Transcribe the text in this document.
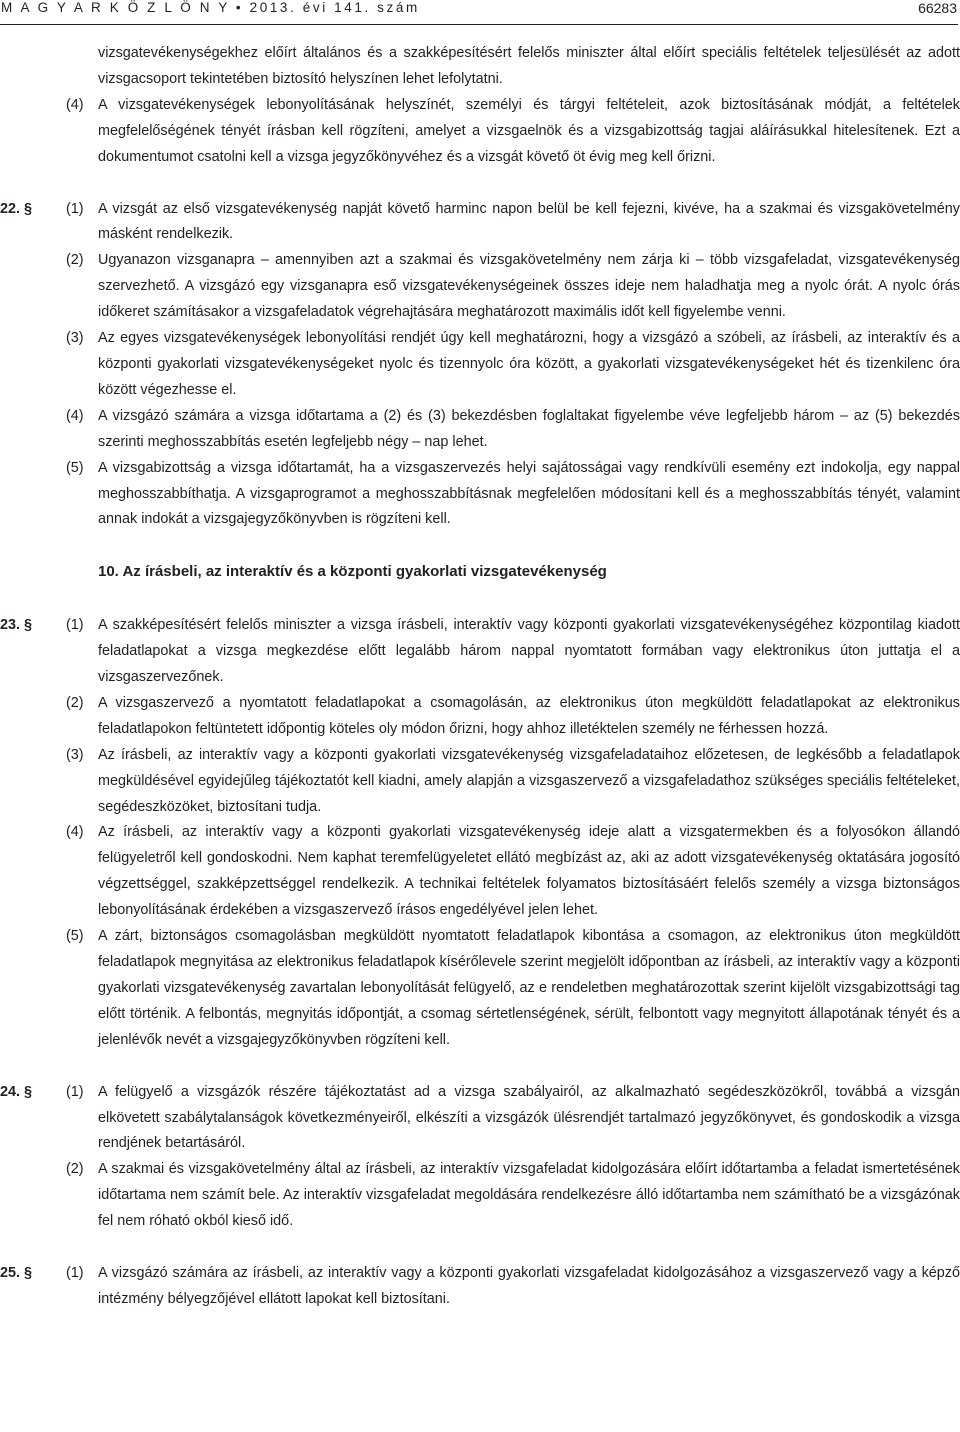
M A G Y A R K Ö Z L Ö N Y • 2013. évi 141. szám	66283

vizsgatevékenységekhez előírt általános és a szakképesítésért felelős miniszter által előírt speciális feltételek teljesülését az adott vizsgacsoport tekintetében biztosító helyszínen lehet lefolytatni.

(4) A vizsgatevékenységek lebonyolításának helyszínét, személyi és tárgyi feltételeit, azok biztosításának módját, a feltételek megfelelőségének tényét írásban kell rögzíteni, amelyet a vizsgaelnök és a vizsgabizottság tagjai aláírásukkal hitelesítenek. Ezt a dokumentumot csatolni kell a vizsga jegyzőkönyvéhez és a vizsgát követő öt évig meg kell őrizni.
22. § (1) A vizsgát az első vizsgatevékenység napját követő harminc napon belül be kell fejezni, kivéve, ha a szakmai és vizsgakövetelmény másként rendelkezik.
(2) Ugyanazon vizsganapra – amennyiben azt a szakmai és vizsgakövetelmény nem zárja ki – több vizsgafeladat, vizsgatevékenység szervezhető. A vizsgázó egy vizsganapra eső vizsgatevékenységeinek összes ideje nem haladhatja meg a nyolc órát. A nyolc órás időkeret számításakor a vizsgafeladatok végrehajtására meghatározott maximális időt kell figyelembe venni.
(3) Az egyes vizsgatevékenységek lebonyolítási rendjét úgy kell meghatározni, hogy a vizsgázó a szóbeli, az írásbeli, az interaktív és a központi gyakorlati vizsgatevékenységeket nyolc és tizennyolc óra között, a gyakorlati vizsgatevékenységeket hét és tizenkilenc óra között végezhesse el.
(4) A vizsgázó számára a vizsga időtartama a (2) és (3) bekezdésben foglaltakat figyelembe véve legfeljebb három – az (5) bekezdés szerinti meghosszabbítás esetén legfeljebb négy – nap lehet.
(5) A vizsgabizottság a vizsga időtartamát, ha a vizsgaszervezés helyi sajátosságai vagy rendkívüli esemény ezt indokolja, egy nappal meghosszabbíthatja. A vizsgaprogramot a meghosszabbításnak megfelelően módosítani kell és a meghosszabbítás tényét, valamint annak indokát a vizsgajegyzőkönyvben is rögzíteni kell.

10. Az írásbeli, az interaktív és a központi gyakorlati vizsgatevékenység

23. § (1) A szakképesítésért felelős miniszter a vizsga írásbeli, interaktív vagy központi gyakorlati vizsgatevékenységéhez központilag kiadott feladatlapokat a vizsga megkezdése előtt legalább három nappal nyomtatott formában vagy elektronikus úton juttatja el a vizsgaszervezőnek.
(2) A vizsgaszervező a nyomtatott feladatlapokat a csomagolásán, az elektronikus úton megküldött feladatlapokat az elektronikus feladatlapokon feltüntetett időpontig köteles oly módon őrizni, hogy ahhoz illetéktelen személy ne férhessen hozzá.
(3) Az írásbeli, az interaktív vagy a központi gyakorlati vizsgatevékenység vizsgafeladataihoz előzetesen, de legkésőbb a feladatlapok megküldésével egyidejűleg tájékoztatót kell kiadni, amely alapján a vizsgaszervező a vizsgafeladathoz szükséges speciális feltételeket, segédeszközöket, biztosítani tudja.
(4) Az írásbeli, az interaktív vagy a központi gyakorlati vizsgatevékenység ideje alatt a vizsgatermekben és a folyosókon állandó felügyeletről kell gondoskodni. Nem kaphat teremfelügyeletet ellátó megbízást az, aki az adott vizsgatevékenység oktatására jogosító végzettséggel, szakképzettséggel rendelkezik. A technikai feltételek folyamatos biztosításáért felelős személy a vizsga biztonságos lebonyolításának érdekében a vizsgaszervező írásos engedélyével jelen lehet.
(5) A zárt, biztonságos csomagolásban megküldött nyomtatott feladatlapok kibontása a csomagon, az elektronikus úton megküldött feladatlapok megnyitása az elektronikus feladatlapok kísérőlevele szerint megjelölt időpontban az írásbeli, az interaktív vagy a központi gyakorlati vizsgatevékenység zavartalan lebonyolítását felügyelő, az e rendeletben meghatározottak szerint kijelölt vizsgabizottsági tag előtt történik. A felbontás, megnyitás időpontját, a csomag sértetlenségének, sérült, felbontott vagy megnyitott állapotának tényét és a jelenlévők nevét a vizsgajegyzőkönyvben rögzíteni kell.
24. § (1) A felügyelő a vizsgázók részére tájékoztatást ad a vizsga szabályairól, az alkalmazható segédeszközökről, továbbá a vizsgán elkövetett szabálytalanságok következményeiről, elkészíti a vizsgázók ülésrendjét tartalmazó jegyzőkönyvet, és gondoskodik a vizsga rendjének betartásáról.
(2) A szakmai és vizsgakövetelmény által az írásbeli, az interaktív vizsgafeladat kidolgozására előírt időtartamba a feladat ismertetésének időtartama nem számít bele. Az interaktív vizsgafeladat megoldására rendelkezésre álló időtartamba nem számítható be a vizsgázónak fel nem róható okból kieső idő.
25. § (1) A vizsgázó számára az írásbeli, az interaktív vagy a központi gyakorlati vizsgafeladat kidolgozásához a vizsgaszervező vagy a képző intézmény bélyegzőjével ellátott lapokat kell biztosítani.
